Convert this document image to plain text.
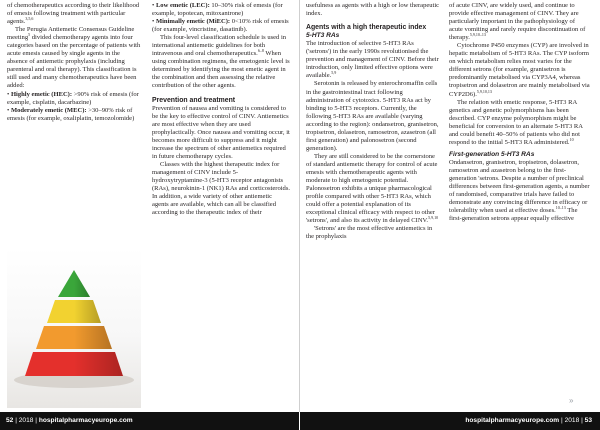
of chemotherapeutics according to their likelihood of emesis following treatment with particular agents.$^{3,5,6}$

The Perugia Antiemetic Consensus Guideline meeting$^5$ divided chemotherapy agents into four categories based on the percentage of patients with acute emesis caused by single agents in the absence of antiemetic prophylaxis (including parenteral and oral therapy). This classification is still used and many chemotherapeutics have been added:

• Highly emetic (HEC): >90% risk of emesis (for example, cisplatin, dacarbazine)

• Moderately emetic (MEC): >30–90% risk of emesis (for example, oxaliplatin, temozolomide)

• Low emetic (LEC): 10–30% risk of emesis (for example, topotecan, mitoxantrone)

• Minimally emetic (MiEC): 0<10% risk of emesis (for example, vincristine, dasatinib).

This four-level classification schedule is used in international antiemetic guidelines for both intravenous and oral chemotherapeutics.$^{6-8}$ When using combination regimens, the emetogenic level is determined by identifying the most emetic agent in the combination and then assessing the relative contribution of the other agents.

Prevention and treatment

Prevention of nausea and vomiting is considered to be the key to effective control of CINV. Antiemetics are most effective when they are used prophylactically. Once nausea and vomiting occur, it becomes more difficult to suppress and it might increase the spectrum of other antiemetics required in future chemotherapy cycles.

Classes with the highest therapeutic index for management of CINV include 5-hydroxytryptamine-3 (5-HT3 receptor antagonists (RAs), neurokinin-1 (NK1) RAs and corticosteroids. In addition, a wide variety of other antiemetic agents are available, which can all be classified according to the therapeutic index of their

usefulness as agents with a high or low therapeutic index.

Agents with a high therapeutic index
5-HT3 RAs

The introduction of selective 5-HT3 RAs ('setrons') in the early 1990s revolutionised the prevention and management of CINV. Before their introduction, only limited effective options were available.$^{5,9}$

Serotonin is released by enterochromaffin cells in the gastrointestinal tract following administration of cytotoxics. 5-HT3 RAs act by binding to 5-HT3 receptors. Currently, the following 5-HT3 RAs are available (varying according to the region): ondansetron, granisetron, tropisetron, dolasetron, ramosetron, azasetron (all first generation) and palonosetron (second generation).

They are still considered to be the cornerstone of standard antiemetic therapy for control of acute emesis with chemotherapeutic agents with moderate to high emetogenic potential. Palonosetron exhibits a unique pharmacological profile compared with other 5-HT3 RAs, which could offer a potential explanation of its exceptional clinical efficacy with respect to other 'setrons', and also its activity in delayed CINV.$^{5,9,10}$

'Setrons' are the most effective antiemetics in the prophylaxis

of acute CINV, are widely used, and continue to provide effective management of CINV. They are particularly important in the pathophysiology of acute vomiting and rarely require discontinuation of therapy.$^{5,9,10-13}$

Cytochrome P450 enzymes (CYP) are involved in hepatic metabolism of 5-HT3 RAs. The CYP isoform on which metabolism relies most varies for the different setrons (for example, granisetron is predominantly metabolised via CYP3A4, whereas tropisetron and dolasetron are mainly metabolised via CYP2D6).$^{5,9,10,13}$

The relation with emetic response, 5-HT3 RA genetics and genetic polymorphisms has been described. CYP enzyme polymorphism might be beneficial for conversion to an alternate 5-HT3 RA and could benefit 40–50% of patients who did not respond to the initial 5-HT3 RA administered.$^{10}$

First-generation 5-HT3 RAs

Ondansetron, granisetron, tropisetron, dolasetron, ramosetron and azasetron belong to the first-generation 'setrons. Despite a number of preclinical differences between first-generation agents, a number of randomised, comparative trials have failed to demonstrate any convincing difference in efficacy or tolerability when used at effective doses.$^{10-13}$ The first-generation setrons appear equally effective

»
52 | 2018 | hospitalpharmacyeurope.com	hospitalpharmacyeurope.com | 2018 | 53
